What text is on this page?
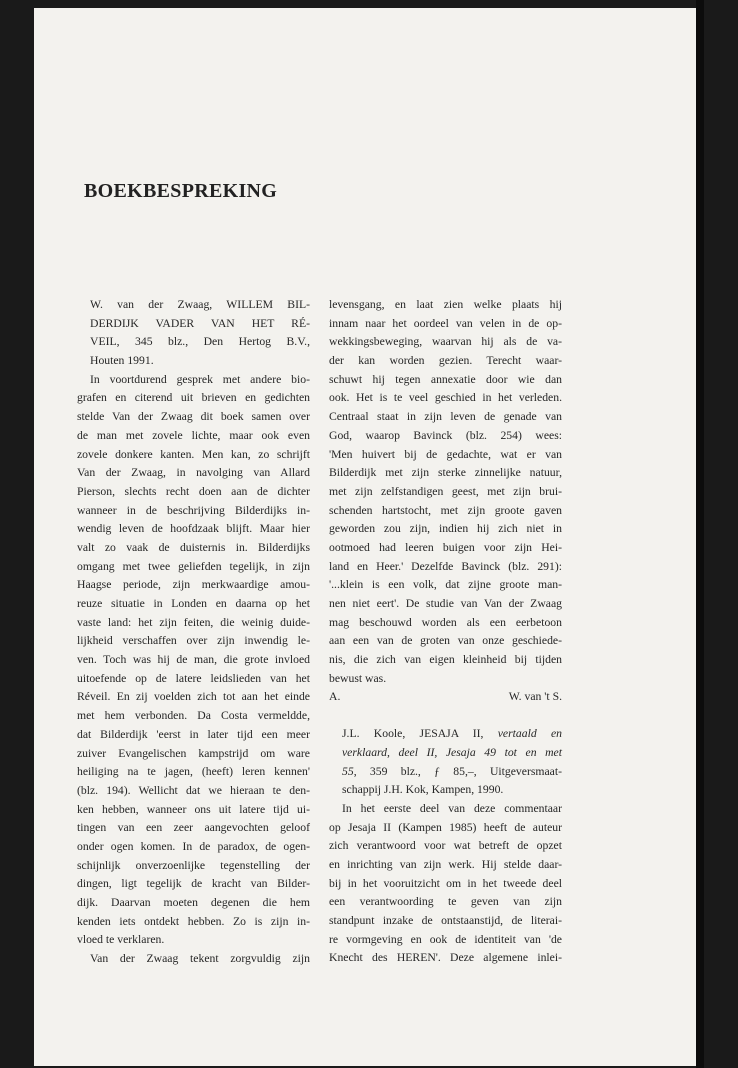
BOEKBESPREKING
W. van der Zwaag, WILLEM BIL-
DERDIJK VADER VAN HET RÉ-
VEIL, 345 blz., Den Hertog B.V.,
Houten 1991.
In voortdurend gesprek met andere bio-
grafen en citerend uit brieven en gedichten
stelde Van der Zwaag dit boek samen over
de man met zovele lichte, maar ook even
zovele donkere kanten. Men kan, zo schrijft
Van der Zwaag, in navolging van Allard
Pierson, slechts recht doen aan de dichter
wanneer in de beschrijving Bilderdijks in-
wendig leven de hoofdzaak blijft. Maar hier
valt zo vaak de duisternis in. Bilderdijks
omgang met twee geliefden tegelijk, in zijn
Haagse periode, zijn merkwaardige amou-
reuze situatie in Londen en daarna op het
vaste land: het zijn feiten, die weinig duide-
lijkheid verschaffen over zijn inwendig le-
ven. Toch was hij de man, die grote invloed
uitoefende op de latere leidslieden van het
Réveil. En zij voelden zich tot aan het einde
met hem verbonden. Da Costa vermeldde,
dat Bilderdijk 'eerst in later tijd een meer
zuiver Evangelischen kampstrijd om ware
heiliging na te jagen, (heeft) leren kennen'
(blz. 194). Wellicht dat we hieraan te den-
ken hebben, wanneer ons uit latere tijd ui-
tingen van een zeer aangevochten geloof
onder ogen komen. In de paradox, de ogen-
schijnlijk onverzoenlijke tegenstelling der
dingen, ligt tegelijk de kracht van Bilder-
dijk. Daarvan moeten degenen die hem
kenden iets ontdekt hebben. Zo is zijn in-
vloed te verklaren.
Van der Zwaag tekent zorgvuldig zijn
levensgang, en laat zien welke plaats hij
innam naar het oordeel van velen in de op-
wekkingsbeweging, waarvan hij als de va-
der kan worden gezien. Terecht waar-
schuwt hij tegen annexatie door wie dan
ook. Het is te veel geschied in het verleden.
Centraal staat in zijn leven de genade van
God, waarop Bavinck (blz. 254) wees:
'Men huivert bij de gedachte, wat er van
Bilderdijk met zijn sterke zinnelijke natuur,
met zijn zelfstandigen geest, met zijn brui-
schenden hartstocht, met zijn groote gaven
geworden zou zijn, indien hij zich niet in
ootmoed had leeren buigen voor zijn Hei-
land en Heer.' Dezelfde Bavinck (blz. 291):
'...klein is een volk, dat zijne groote man-
nen niet eert'. De studie van Van der Zwaag
mag beschouwd worden als een eerbetoon
aan een van de groten van onze geschiede-
nis, die zich van eigen kleinheid bij tijden
bewust was.
A.	W. van 't S.
J.L. Koole, JESAJA II, vertaald en
verklaard, deel II, Jesaja 49 tot en met
55, 359 blz., ƒ 85,–, Uitgeversmaat-
schappij J.H. Kok, Kampen, 1990.
In het eerste deel van deze commentaar
op Jesaja II (Kampen 1985) heeft de auteur
zich verantwoord voor wat betreft de opzet
en inrichting van zijn werk. Hij stelde daar-
bij in het vooruitzicht om in het tweede deel
een verantwoording te geven van zijn
standpunt inzake de ontstaanstijd, de literai-
re vormgeving en ook de identiteit van 'de
Knecht des HEREN'. Deze algemene inlei-
